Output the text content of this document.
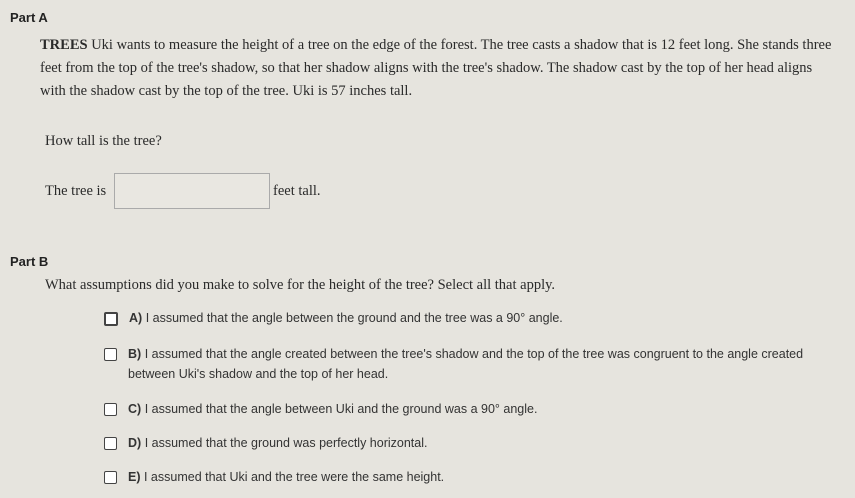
Part A
TREES Uki wants to measure the height of a tree on the edge of the forest. The tree casts a shadow that is 12 feet long. She stands three feet from the top of the tree's shadow, so that her shadow aligns with the tree's shadow. The shadow cast by the top of her head aligns with the shadow cast by the top of the tree. Uki is 57 inches tall.
How tall is the tree?
The tree is	feet tall.
Part B
What assumptions did you make to solve for the height of the tree? Select all that apply.
A) I assumed that the angle between the ground and the tree was a 90° angle.
B) I assumed that the angle created between the tree's shadow and the top of the tree was congruent to the angle created between Uki's shadow and the top of her head.
C) I assumed that the angle between Uki and the ground was a 90° angle.
D) I assumed that the ground was perfectly horizontal.
E) I assumed that Uki and the tree were the same height.
